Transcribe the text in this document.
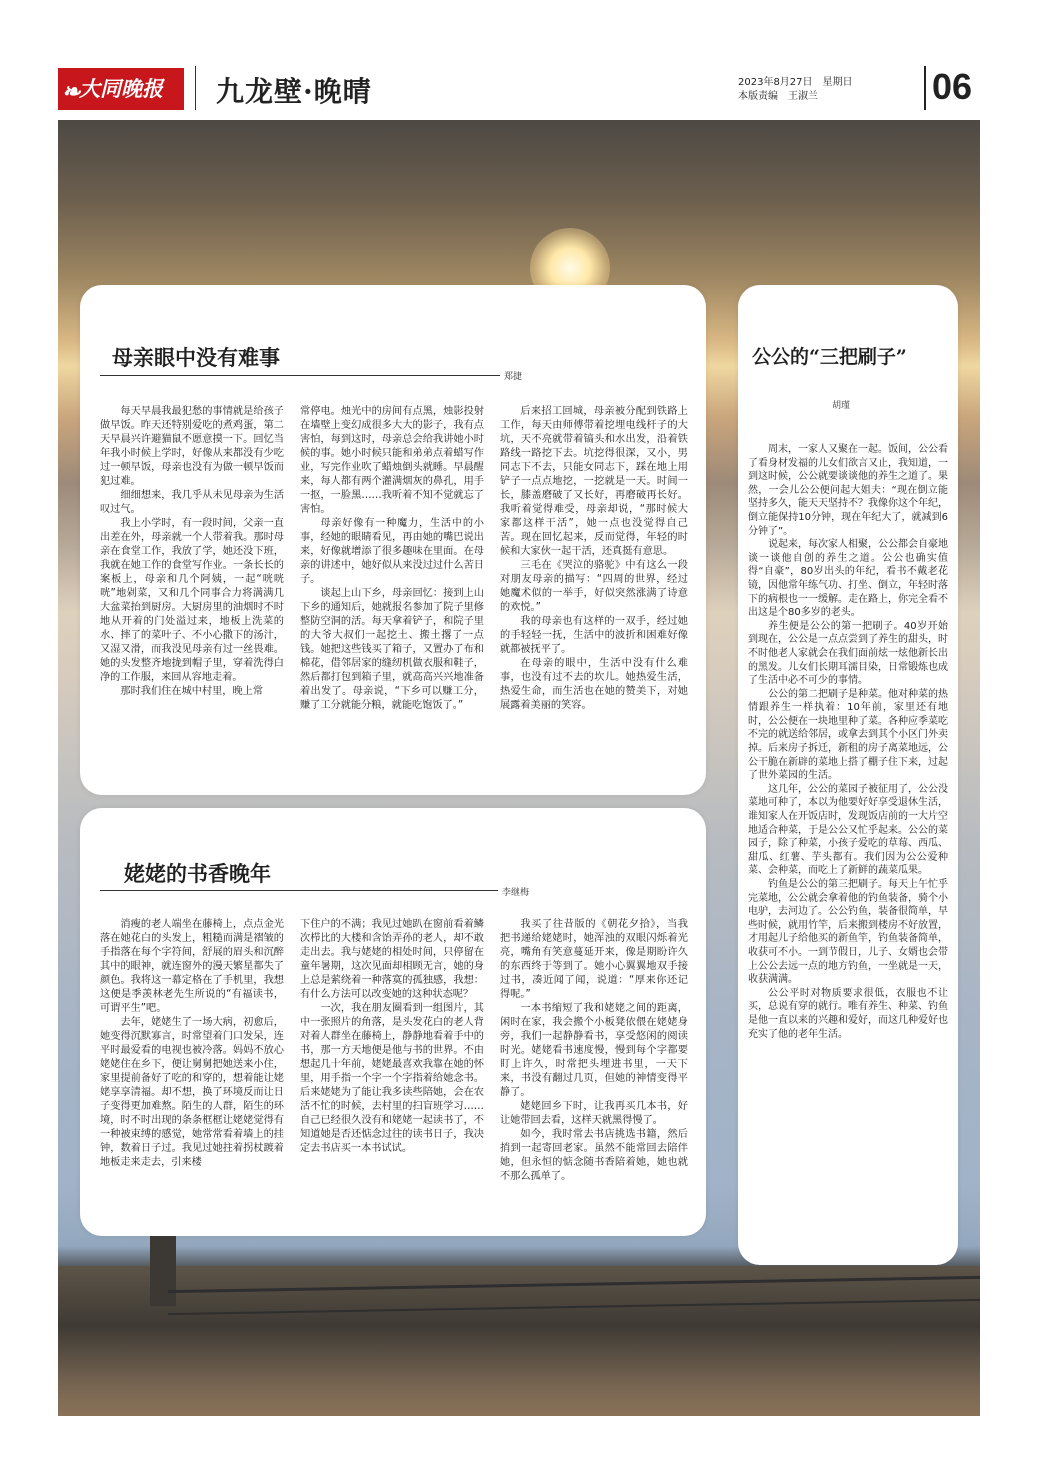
❧
大同晚报	九龙壁·晚晴	2023年8月27日　星期日
本版责编　王淑兰	06
母亲眼中没有难事
郑捷

每天早晨我最犯愁的事情就是给孩子做早饭。昨天还特别爱吃的煮鸡蛋，第二天早晨兴许避猫鼠不愿意摸一下。回忆当年我小时候上学时，好像从来都没有少吃过一顿早饭，母亲也没有为做一顿早饭而犯过难。

细细想来，我几乎从未见母亲为生活叹过气。

我上小学时，有一段时间，父亲一直出差在外，母亲就一个人带着我。那时母亲在食堂工作，我放了学，她还没下班，我就在她工作的食堂写作业。一条长长的案板上，母亲和几个阿姨，一起“咣咣咣”地剁菜，又和几个同事合力将满满几大盆菜抬到厨房。大厨房里的油烟时不时地从开着的门处溢过来，地板上洗菜的水、摔了的菜叶子、不小心撒下的汤汁，又湿又滑，而我没见母亲有过一丝畏难。她的头发整齐地拢到帽子里，穿着洗得白净的工作服，来回从容地走着。

那时我们住在城中村里，晚上常

常停电。烛光中的房间有点黑，烛影投射在墙壁上变幻成很多大大的影子，我有点害怕，每到这时，母亲总会给我讲她小时候的事。她小时候只能和弟弟点着蜡写作业，写完作业吹了蜡烛倒头就睡。早晨醒来，每人都有两个灌满烟灰的鼻孔，用手一抠，一脸黑……我听着不知不觉就忘了害怕。

母亲好像有一种魔力，生活中的小事，经她的眼睛看见，再由她的嘴巴说出来，好像就增添了很多趣味在里面。在母亲的讲述中，她好似从来没过过什么苦日子。

谈起上山下乡，母亲回忆：接到上山下乡的通知后，她就报名参加了院子里修整防空洞的活。每天拿着铲子，和院子里的大爷大叔们一起挖土、搬土撂了一点钱。她把这些钱买了箱子，又置办了布和棉花，借邻居家的缝纫机做衣服和鞋子，然后都打包到箱子里，就高高兴兴地准备着出发了。母亲说，“下乡可以赚工分，赚了工分就能分粮，就能吃饱饭了。”

后来招工回城，母亲被分配到铁路上工作，每天由师傅带着挖埋电线杆子的大坑，天不亮就带着镐头和水出发，沿着铁路线一路挖下去。坑挖得很深，又小，男同志下不去，只能女同志下，踩在地上用铲子一点点地挖，一挖就是一天。时间一长，膝盖磨破了又长好，再磨破再长好。我听着觉得难受，母亲却说，“那时候大家都这样干活”，她一点也没觉得自己苦。现在回忆起来，反而觉得，年轻的时候和大家伙一起干活，还真挺有意思。

三毛在《哭泣的骆驼》中有这么一段对朋友母亲的描写：“四周的世界，经过她魔术似的一举手，好似突然涨满了诗意的欢悦。”

我的母亲也有这样的一双手，经过她的手轻轻一抚，生活中的波折和困难好像就都被抚平了。

在母亲的眼中，生活中没有什么难事，也没有过不去的坎儿。她热爱生活，热爱生命，而生活也在她的赞美下，对她展露着美丽的笑容。

姥姥的书香晚年
李继梅

消瘦的老人端坐在藤椅上，点点金光落在她花白的头发上，粗糙而满是褶皱的手指落在每个字符间，舒展的眉头和沉醉其中的眼神，就连窗外的漫天繁星都失了颜色。我将这一幕定格在了手机里，我想这便是季羡林老先生所说的“有福读书，可谓平生”吧。

去年，姥姥生了一场大病，初愈后，她变得沉默寡言，时常望着门口发呆，连平时最爱看的电视也被冷落。妈妈不放心姥姥住在乡下，便让舅舅把她送来小住，家里提前备好了吃的和穿的，想着能让姥姥享享清福。却不想，换了环境反而让日子变得更加难熬。陌生的人群，陌生的环境，时不时出现的条条框框让姥姥觉得有一种被束缚的感觉，她常常看着墙上的挂钟，数着日子过。我见过她拄着拐杖踱着地板走来走去，引来楼

下住户的不满；我见过她趴在窗前看着鳞次栉比的大楼和含饴弄孙的老人，却不敢走出去。我与姥姥的相处时间，只停留在童年暑期，这次见面却相顾无言，她的身上总是萦绕着一种落寞的孤独感，我想：有什么方法可以改变她的这种状态呢？

一次，我在朋友圈看到一组图片，其中一张照片的角落，是头发花白的老人背对着人群坐在藤椅上，静静地看着手中的书，那一方天地便是他与书的世界。不由想起几十年前，姥姥最喜欢我靠在她的怀里，用手指一个字一个字指着给她念书。后来姥姥为了能让我多读些陪她，会在农活不忙的时候，去村里的扫盲班学习……自己已经很久没有和姥姥一起读书了，不知道她是否还惦念过往的读书日子，我决定去书店买一本书试试。

我买了往昔版的《朝花夕拾》，当我把书递给姥姥时，她浑浊的双眼闪烁着光亮，嘴角有笑意蔓延开来，像是期盼许久的东西终于等到了。她小心翼翼地双手接过书，凑近闻了闻，说道：“厚来你还记得呢。”

一本书缩短了我和姥姥之间的距离，闲时在家，我会搬个小板凳依偎在姥姥身旁，我们一起静静看书，享受悠闲的阅读时光。姥姥看书速度慢，慢到每个字都要盯上许久，时常把头埋进书里，一天下来，书没有翻过几页，但她的神情变得平静了。

姥姥回乡下时，让我再买几本书，好让她带回去看，这样天就黑得慢了。

如今，我时常去书店挑选书籍，然后捎到一起寄回老家。虽然不能常回去陪伴她，但永恒的惦念随书香陪着她，她也就不那么孤单了。

公公的“三把刷子”
胡瑾

周末，一家人又聚在一起。饭间，公公看了看身材发福的儿女们欲言又止，我知道，一到这时候，公公就要谈谈他的养生之道了。果然，一会儿公公便问起大姐夫：“现在倒立能坚持多久，能天天坚持不？我像你这个年纪，倒立能保持10分钟，现在年纪大了，就减到6分钟了”。

说起来，每次家人相聚，公公都会自豪地谈一谈他自创的养生之道。公公也确实值得“自豪”，80岁出头的年纪，看书不戴老花镜，因他常年练气功、打坐、倒立，年轻时落下的病根也一一缓解。走在路上，你完全看不出这是个80多岁的老头。

养生便是公公的第一把刷子。40岁开始到现在，公公是一点点尝到了养生的甜头，时不时他老人家就会在我们面前炫一炫他新长出的黑发。儿女们长期耳濡目染，日常锻炼也成了生活中必不可少的事情。

公公的第二把刷子是种菜。他对种菜的热情跟养生一样执着：10年前，家里还有地时，公公便在一块地里种了菜。各种应季菜吃不完的就送给邻居，或拿去到其个小区门外卖掉。后来房子拆迁，新租的房子离菜地远，公公干脆在新辟的菜地上搭了棚子住下来，过起了世外菜园的生活。

这几年，公公的菜园子被征用了，公公没菜地可种了，本以为他要好好享受退休生活，谁知家人在开饭店时，发现饭店前的一大片空地适合种菜，于是公公又忙乎起来。公公的菜园子，除了种菜，小孩子爱吃的草莓、西瓜、甜瓜、红薯、芋头都有。我们因为公公爱种菜、会种菜，而吃上了新鲜的蔬菜瓜果。

钓鱼是公公的第三把刷子。每天上午忙乎完菜地，公公就会拿着他的钓鱼装备，骑个小电驴，去河边了。公公钓鱼，装备很简单，早些时候，就用竹竿，后来搬到楼房不好放置，才用起儿子给他买的新鱼竿，钓鱼装备简单，收获可不小。一到节假日，儿子、女婿也会带上公公去远一点的地方钓鱼，一坐就是一天，收获满满。

公公平时对物质要求很低，衣服也不让买，总说有穿的就行。唯有养生、种菜、钓鱼是他一直以来的兴趣和爱好，而这几种爱好也充实了他的老年生活。
